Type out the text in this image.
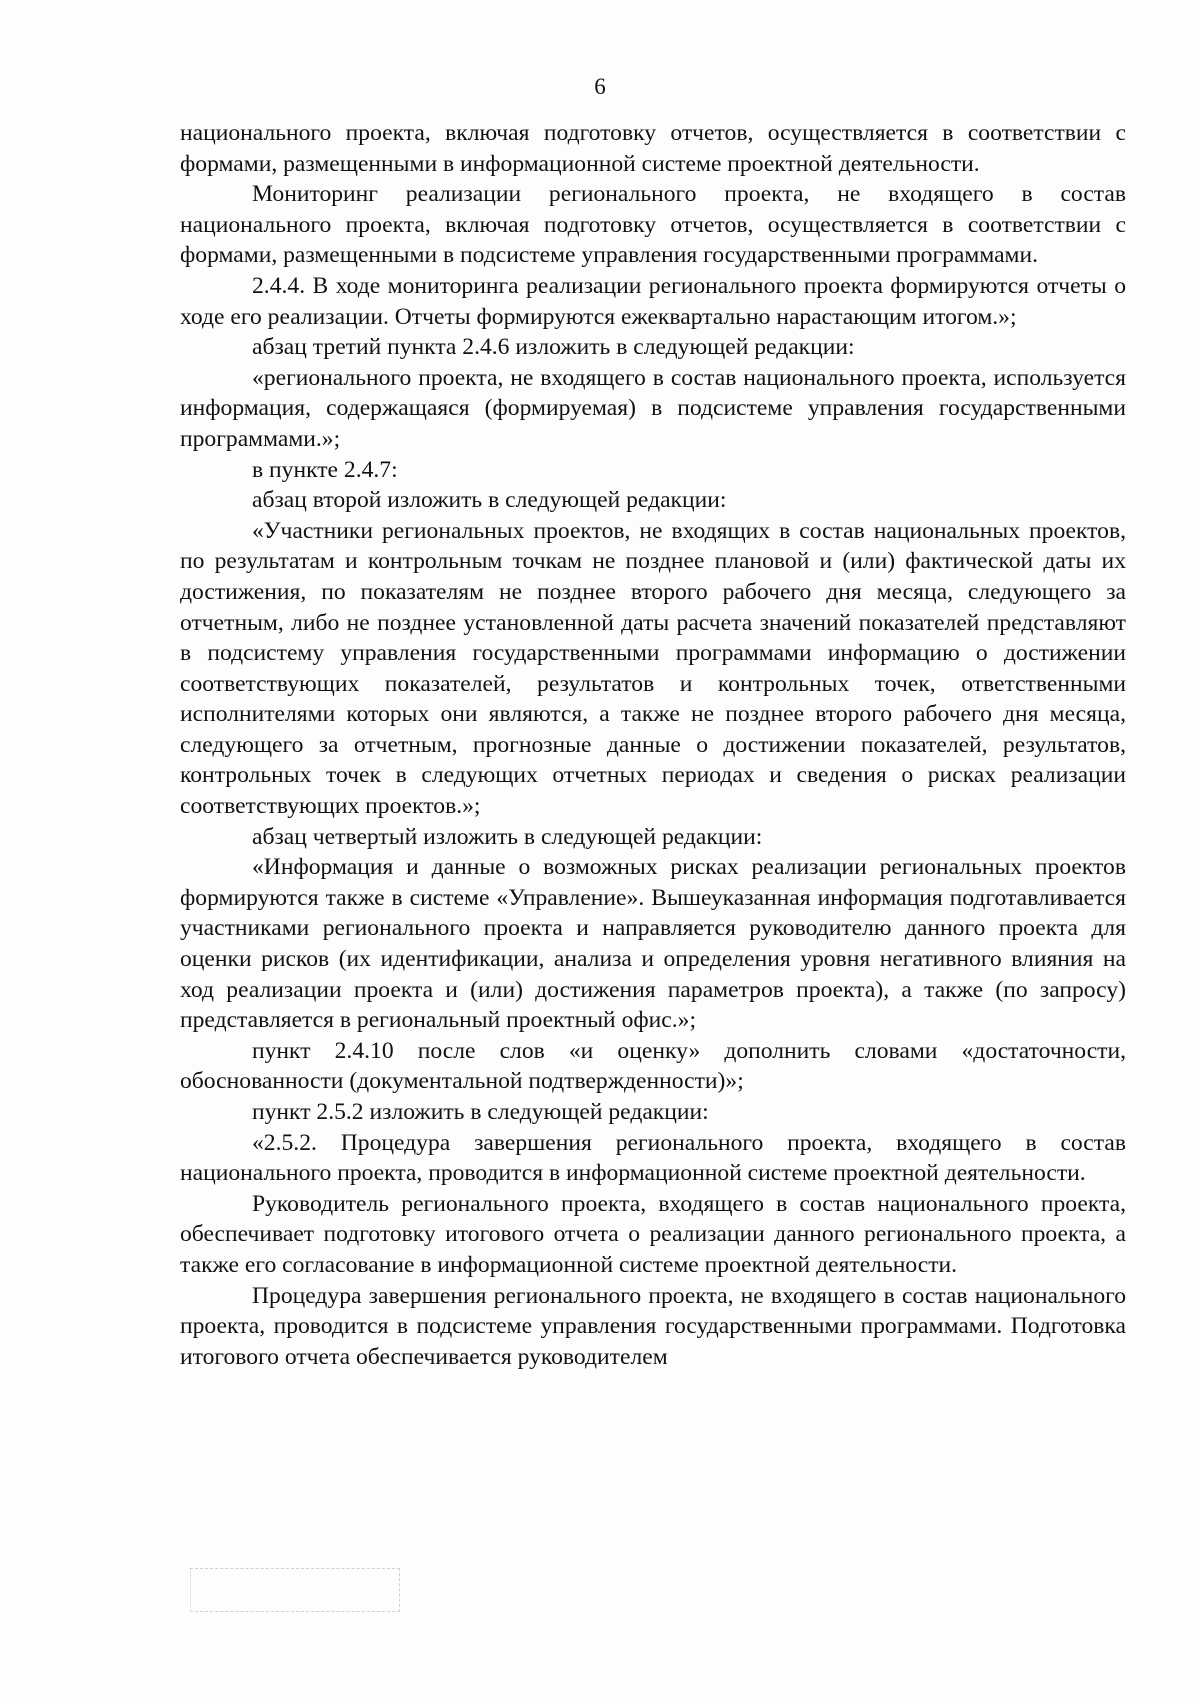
6

национального проекта, включая подготовку отчетов, осуществляется в соответствии с формами, размещенными в информационной системе проектной деятельности.

Мониторинг реализации регионального проекта, не входящего в состав национального проекта, включая подготовку отчетов, осуществляется в соответствии с формами, размещенными в подсистеме управления государственными программами.

2.4.4. В ходе мониторинга реализации регионального проекта формируются отчеты о ходе его реализации. Отчеты формируются ежеквартально нарастающим итогом.»;

абзац третий пункта 2.4.6 изложить в следующей редакции:

«регионального проекта, не входящего в состав национального проекта, используется информация, содержащаяся (формируемая) в подсистеме управления государственными программами.»;

в пункте 2.4.7:

абзац второй изложить в следующей редакции:

«Участники региональных проектов, не входящих в состав национальных проектов, по результатам и контрольным точкам не позднее плановой и (или) фактической даты их достижения, по показателям не позднее второго рабочего дня месяца, следующего за отчетным, либо не позднее установленной даты расчета значений показателей представляют в подсистему управления государственными программами информацию о достижении соответствующих показателей, результатов и контрольных точек, ответственными исполнителями которых они являются, а также не позднее второго рабочего дня месяца, следующего за отчетным, прогнозные данные о достижении показателей, результатов, контрольных точек в следующих отчетных периодах и сведения о рисках реализации соответствующих проектов.»;

абзац четвертый изложить в следующей редакции:

«Информация и данные о возможных рисках реализации региональных проектов формируются также в системе «Управление». Вышеуказанная информация подготавливается участниками регионального проекта и направляется руководителю данного проекта для оценки рисков (их идентификации, анализа и определения уровня негативного влияния на ход реализации проекта и (или) достижения параметров проекта), а также (по запросу) представляется в региональный проектный офис.»;

пункт 2.4.10 после слов «и оценку» дополнить словами «достаточности, обоснованности (документальной подтвержденности)»;

пункт 2.5.2 изложить в следующей редакции:

«2.5.2. Процедура завершения регионального проекта, входящего в состав национального проекта, проводится в информационной системе проектной деятельности.

Руководитель регионального проекта, входящего в состав национального проекта, обеспечивает подготовку итогового отчета о реализации данного регионального проекта, а также его согласование в информационной системе проектной деятельности.

Процедура завершения регионального проекта, не входящего в состав национального проекта, проводится в подсистеме управления государственными программами. Подготовка итогового отчета обеспечивается руководителем
